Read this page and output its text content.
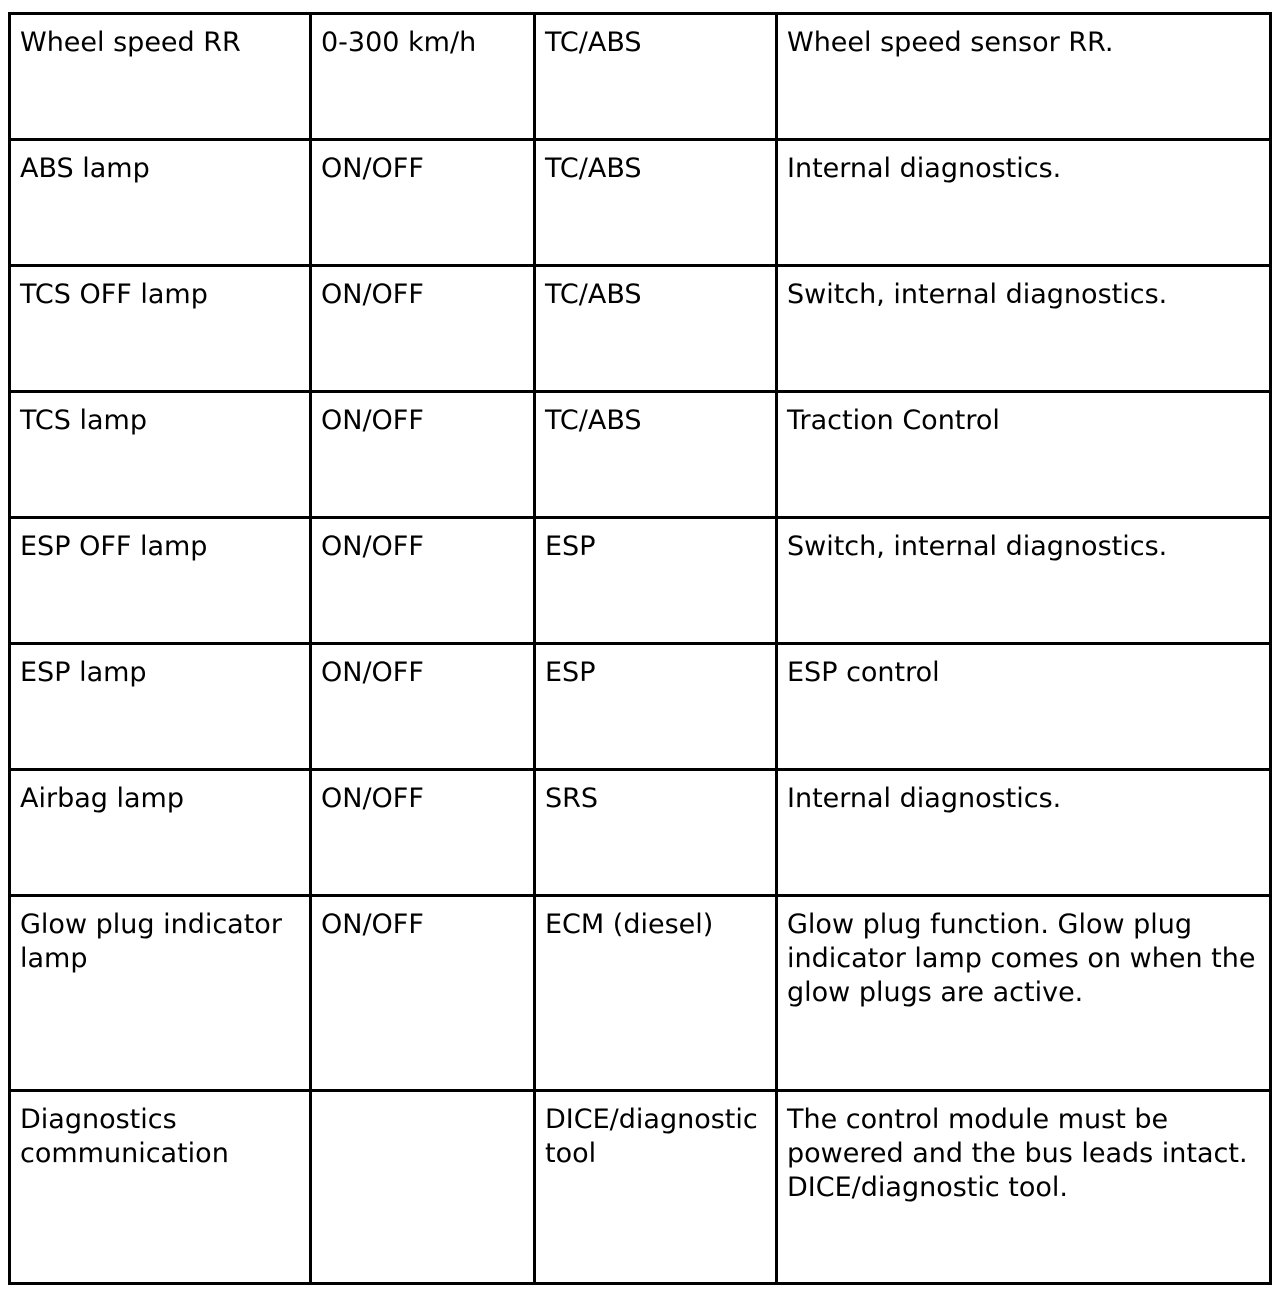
Wheel speed RR	0-300 km/h	TC/ABS	Wheel speed sensor RR.
ABS lamp	ON/OFF	TC/ABS	Internal diagnostics.
TCS OFF lamp	ON/OFF	TC/ABS	Switch, internal diagnostics.
TCS lamp	ON/OFF	TC/ABS	Traction Control
ESP OFF lamp	ON/OFF	ESP	Switch, internal diagnostics.
ESP lamp	ON/OFF	ESP	ESP control
Airbag lamp	ON/OFF	SRS	Internal diagnostics.
Glow plug indicator lamp	ON/OFF	ECM (diesel)	Glow plug function. Glow plug indicator lamp comes on when the glow plugs are active.
Diagnostics communication		DICE/diagnostic tool	The control module must be powered and the bus leads intact. DICE/diagnostic tool.
